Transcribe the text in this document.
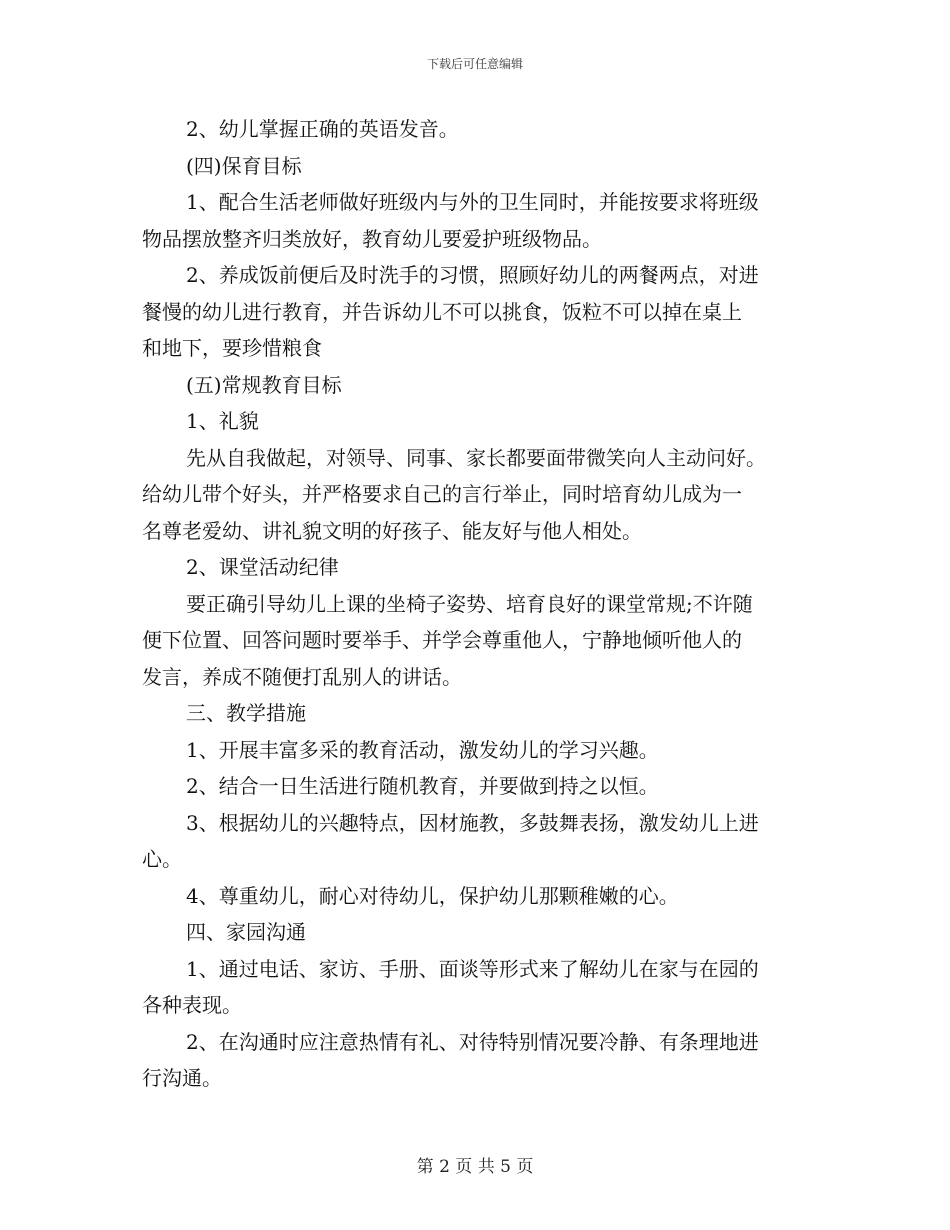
下载后可任意编辑
2、幼儿掌握正确的英语发音。
(四)保育目标
1、配合生活老师做好班级内与外的卫生同时，并能按要求将班级
物品摆放整齐归类放好，教育幼儿要爱护班级物品。
2、养成饭前便后及时洗手的习惯，照顾好幼儿的两餐两点，对进
餐慢的幼儿进行教育，并告诉幼儿不可以挑食，饭粒不可以掉在桌上
和地下，要珍惜粮食
(五)常规教育目标
1、礼貌
先从自我做起，对领导、同事、家长都要面带微笑向人主动问好。
给幼儿带个好头，并严格要求自己的言行举止，同时培育幼儿成为一
名尊老爱幼、讲礼貌文明的好孩子、能友好与他人相处。
2、课堂活动纪律
要正确引导幼儿上课的坐椅子姿势、培育良好的课堂常规;不许随
便下位置、回答问题时要举手、并学会尊重他人，宁静地倾听他人的
发言，养成不随便打乱别人的讲话。
三、教学措施
1、开展丰富多采的教育活动，激发幼儿的学习兴趣。
2、结合一日生活进行随机教育，并要做到持之以恒。
3、根据幼儿的兴趣特点，因材施教，多鼓舞表扬，激发幼儿上进
心。
4、尊重幼儿，耐心对待幼儿，保护幼儿那颗稚嫩的心。
四、家园沟通
1、通过电话、家访、手册、面谈等形式来了解幼儿在家与在园的
各种表现。
2、在沟通时应注意热情有礼、对待特别情况要冷静、有条理地进
行沟通。
第 2 页 共 5 页
